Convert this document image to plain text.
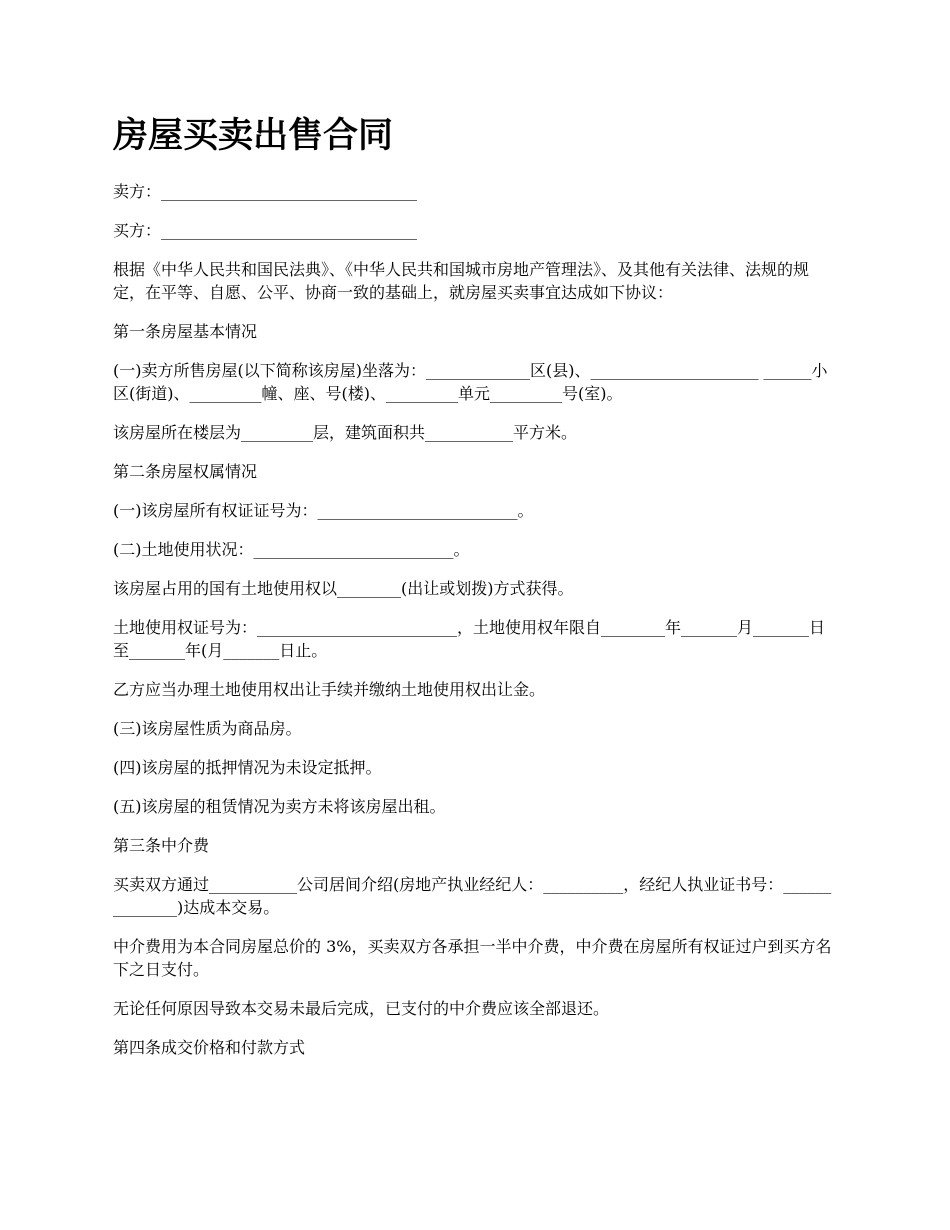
房屋买卖出售合同

卖方：________________________________

买方：________________________________

根据《中华人民共和国民法典》、《中华人民共和国城市房地产管理法》、及其他有关法律、法规的规定，在平等、自愿、公平、协商一致的基础上，就房屋买卖事宜达成如下协议：

第一条房屋基本情况

(一)卖方所售房屋(以下简称该房屋)坐落为：_____________区(县)、_____________________ ______小区(街道)、_________幢、座、号(楼)、_________单元_________号(室)。

该房屋所在楼层为_________层，建筑面积共___________平方米。

第二条房屋权属情况

(一)该房屋所有权证证号为：_________________________。

(二)土地使用状况：_________________________。

该房屋占用的国有土地使用权以________(出让或划拨)方式获得。

土地使用权证号为：_________________________，土地使用权年限自________年_______月_______日至_______年(月_______日止。

乙方应当办理土地使用权出让手续并缴纳土地使用权出让金。

(三)该房屋性质为商品房。

(四)该房屋的抵押情况为未设定抵押。

(五)该房屋的租赁情况为卖方未将该房屋出租。

第三条中介费

买卖双方通过___________公司居间介绍(房地产执业经纪人：__________，经纪人执业证书号：______________)达成本交易。

中介费用为本合同房屋总价的 3%，买卖双方各承担一半中介费，中介费在房屋所有权证过户到买方名下之日支付。

无论任何原因导致本交易未最后完成，已支付的中介费应该全部退还。

第四条成交价格和付款方式
